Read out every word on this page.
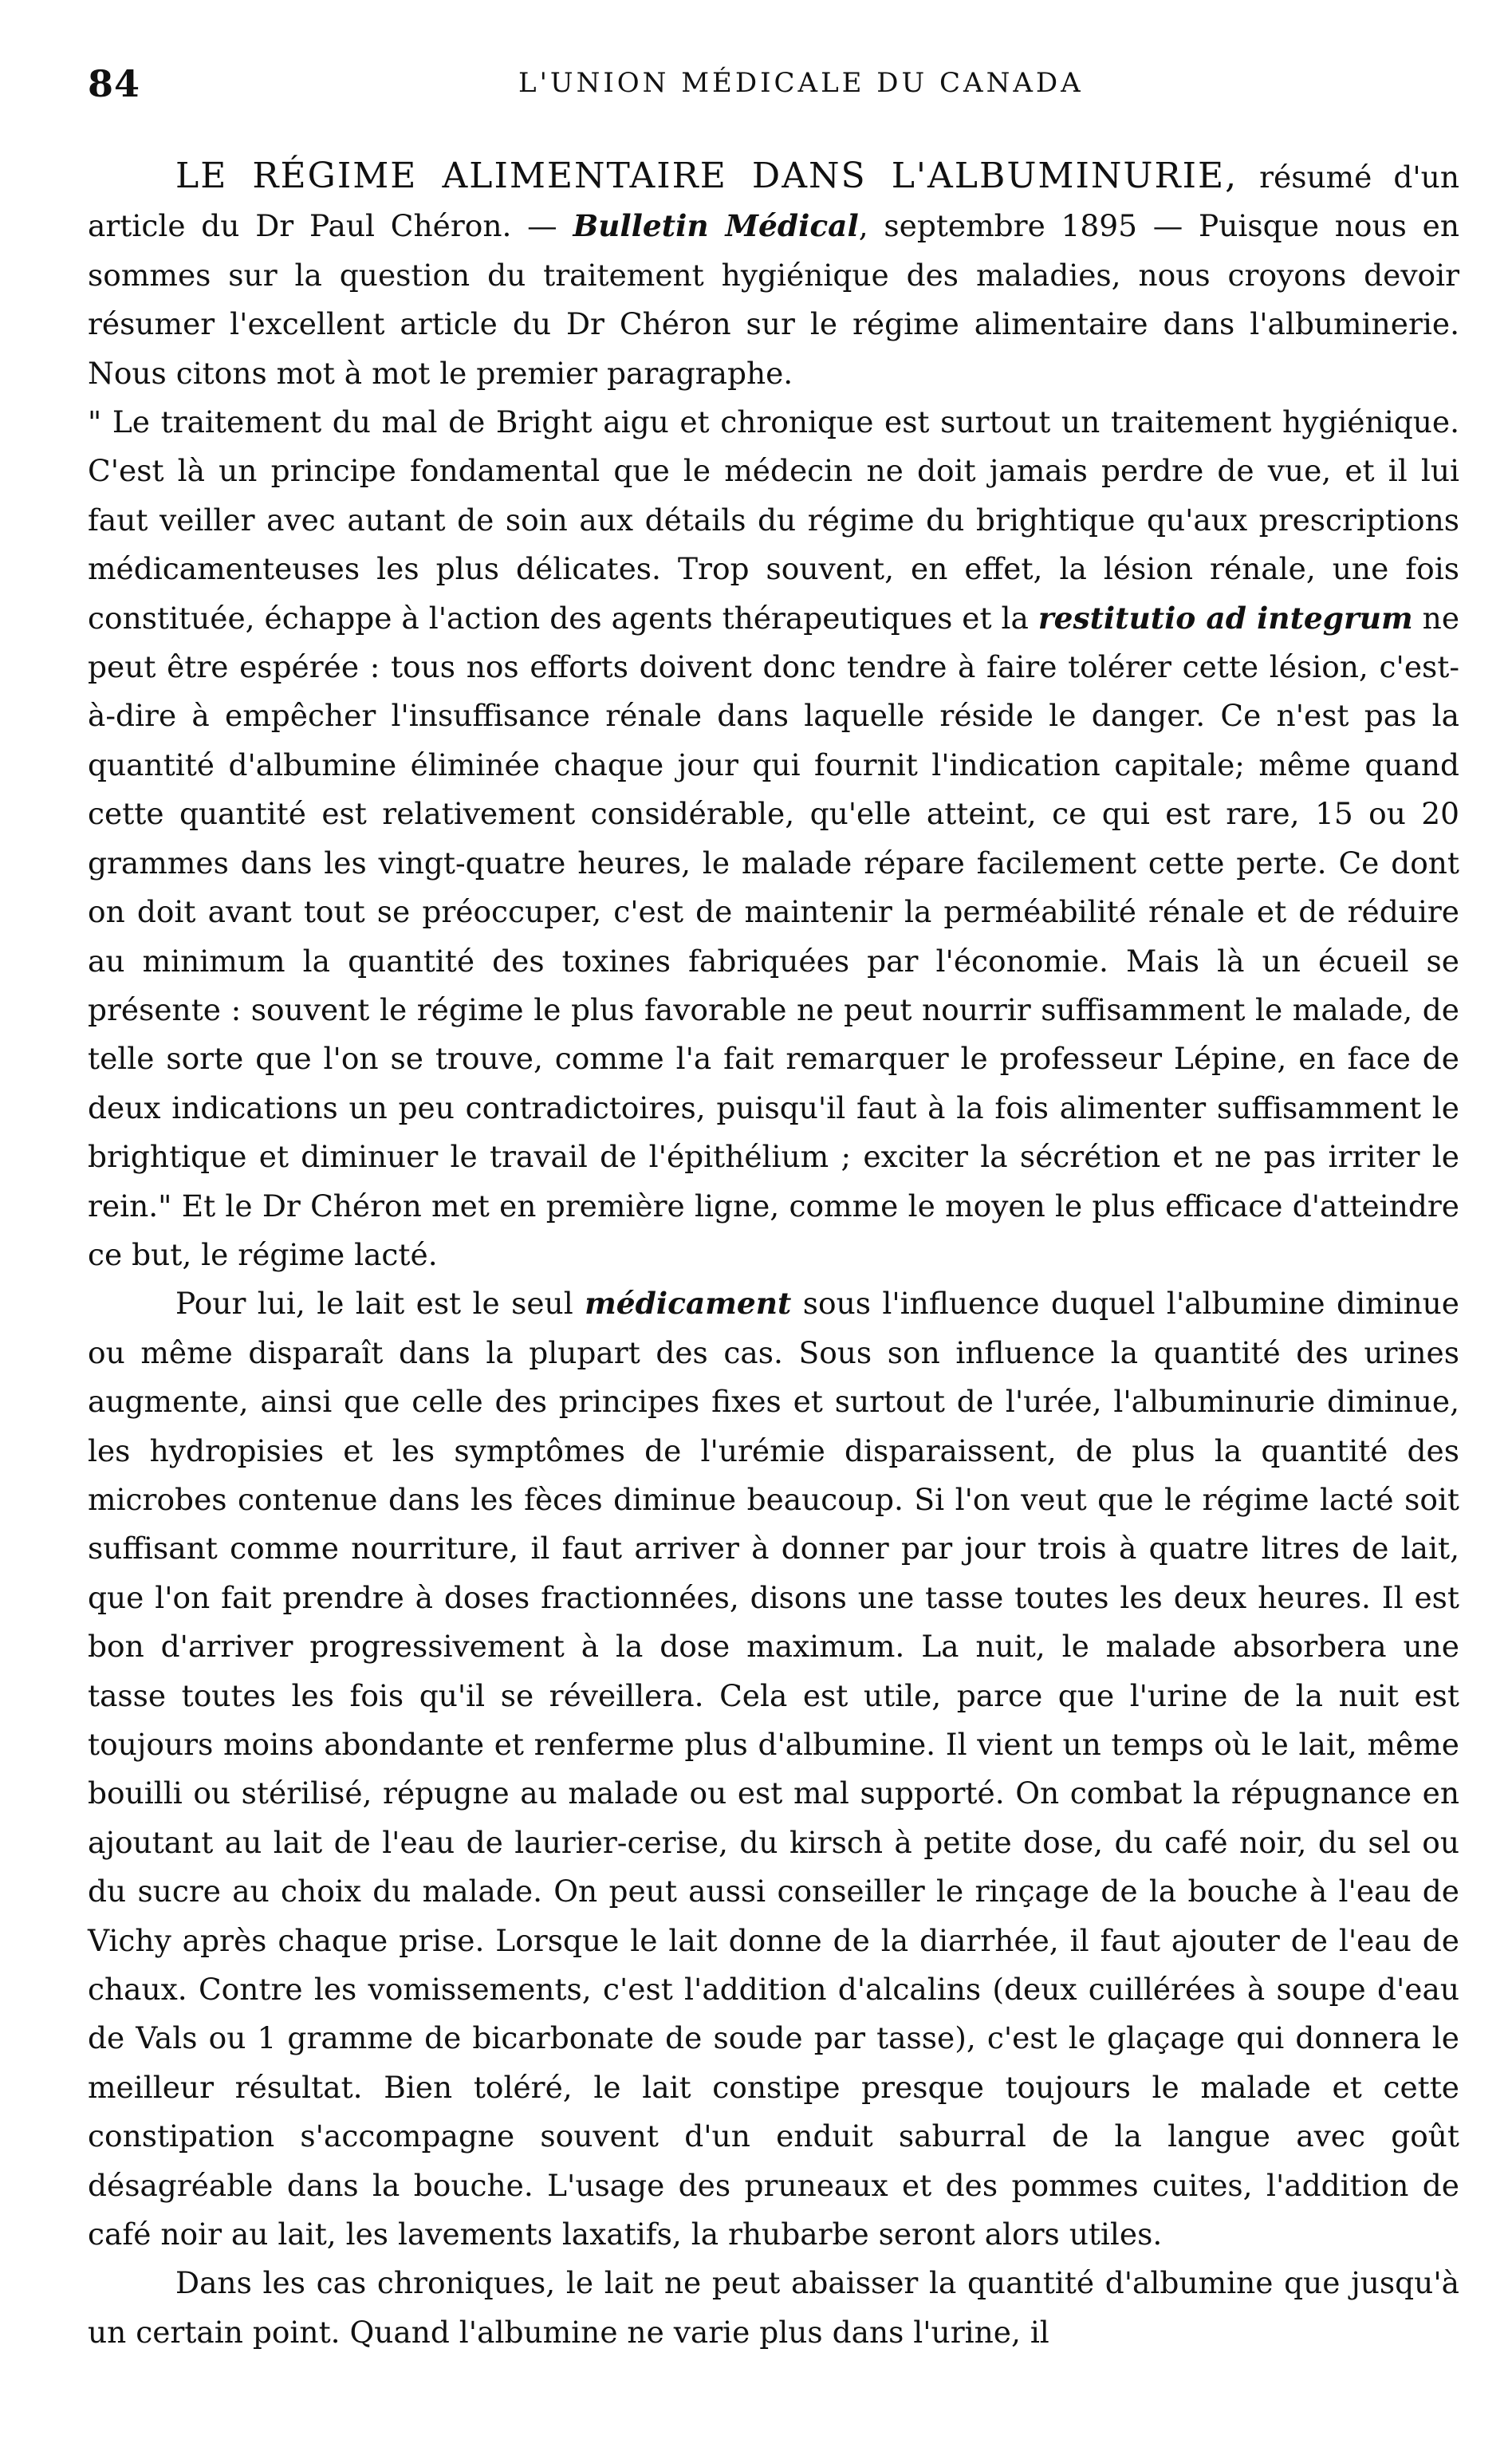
84	L'UNION MÉDICALE DU CANADA

LE RÉGIME ALIMENTAIRE DANS L'ALBUMINURIE, résumé d'un article du Dr Paul Chéron. — Bulletin Médical, septembre 1895 — Puisque nous en sommes sur la question du traitement hygiénique des maladies, nous croyons devoir résumer l'excellent article du Dr Chéron sur le régime alimentaire dans l'albuminerie. Nous citons mot à mot le premier paragraphe.

" Le traitement du mal de Bright aigu et chronique est surtout un traitement hygiénique. C'est là un principe fondamental que le médecin ne doit jamais perdre de vue, et il lui faut veiller avec autant de soin aux détails du régime du brightique qu'aux prescriptions médicamenteuses les plus délicates. Trop souvent, en effet, la lésion rénale, une fois constituée, échappe à l'action des agents thérapeutiques et la restitutio ad integrum ne peut être espérée : tous nos efforts doivent donc tendre à faire tolérer cette lésion, c'est-à-dire à empêcher l'insuffisance rénale dans laquelle réside le danger. Ce n'est pas la quantité d'albumine éliminée chaque jour qui fournit l'indication capitale; même quand cette quantité est relativement considérable, qu'elle atteint, ce qui est rare, 15 ou 20 grammes dans les vingt-quatre heures, le malade répare facilement cette perte. Ce dont on doit avant tout se préoccuper, c'est de maintenir la perméabilité rénale et de réduire au minimum la quantité des toxines fabriquées par l'économie. Mais là un écueil se présente : souvent le régime le plus favorable ne peut nourrir suffisamment le malade, de telle sorte que l'on se trouve, comme l'a fait remarquer le professeur Lépine, en face de deux indications un peu contradictoires, puisqu'il faut à la fois alimenter suffisamment le brightique et diminuer le travail de l'épithélium ; exciter la sécrétion et ne pas irriter le rein." Et le Dr Chéron met en première ligne, comme le moyen le plus efficace d'atteindre ce but, le régime lacté.

Pour lui, le lait est le seul médicament sous l'influence duquel l'albumine diminue ou même disparaît dans la plupart des cas. Sous son influence la quantité des urines augmente, ainsi que celle des principes fixes et surtout de l'urée, l'albuminurie diminue, les hydropisies et les symptômes de l'urémie disparaissent, de plus la quantité des microbes contenue dans les fèces diminue beaucoup. Si l'on veut que le régime lacté soit suffisant comme nourriture, il faut arriver à donner par jour trois à quatre litres de lait, que l'on fait prendre à doses fractionnées, disons une tasse toutes les deux heures. Il est bon d'arriver progressivement à la dose maximum. La nuit, le malade absorbera une tasse toutes les fois qu'il se réveillera. Cela est utile, parce que l'urine de la nuit est toujours moins abondante et renferme plus d'albumine. Il vient un temps où le lait, même bouilli ou stérilisé, répugne au malade ou est mal supporté. On combat la répugnance en ajoutant au lait de l'eau de laurier-cerise, du kirsch à petite dose, du café noir, du sel ou du sucre au choix du malade. On peut aussi conseiller le rinçage de la bouche à l'eau de Vichy après chaque prise. Lorsque le lait donne de la diarrhée, il faut ajouter de l'eau de chaux. Contre les vomissements, c'est l'addition d'alcalins (deux cuillérées à soupe d'eau de Vals ou 1 gramme de bicarbonate de soude par tasse), c'est le glaçage qui donnera le meilleur résultat. Bien toléré, le lait constipe presque toujours le malade et cette constipation s'accompagne souvent d'un enduit saburral de la langue avec goût désagréable dans la bouche. L'usage des pruneaux et des pommes cuites, l'addition de café noir au lait, les lavements laxatifs, la rhubarbe seront alors utiles.

Dans les cas chroniques, le lait ne peut abaisser la quantité d'albumine que jusqu'à un certain point. Quand l'albumine ne varie plus dans l'urine, il
